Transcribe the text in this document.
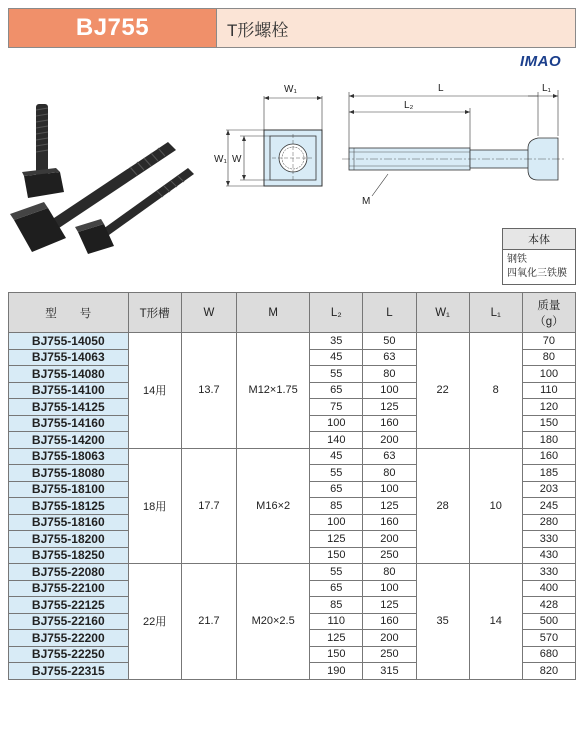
BJ755	T形螺栓
IMAO
W₁
W₁ W
L
L₂
L₁
M
本体
钢铁
四氧化三铁膜
型　　号	T形槽	W	M	L₂	L	W₁	L₁	质量
（g）
BJ755-14050	14用	13.7	M12×1.75	35	50	22	8	70
BJ755-14063				45	63			80
BJ755-14080				55	80			100
BJ755-14100				65	100			110
BJ755-14125				75	125			120
BJ755-14160				100	160			150
BJ755-14200				140	200			180
BJ755-18063	18用	17.7	M16×2	45	63	28	10	160
BJ755-18080				55	80			185
BJ755-18100				65	100			203
BJ755-18125				85	125			245
BJ755-18160				100	160			280
BJ755-18200				125	200			330
BJ755-18250				150	250			430
BJ755-22080	22用	21.7	M20×2.5	55	80	35	14	330
BJ755-22100				65	100			400
BJ755-22125				85	125			428
BJ755-22160				110	160			500
BJ755-22200				125	200			570
BJ755-22250				150	250			680
BJ755-22315				190	315			820
